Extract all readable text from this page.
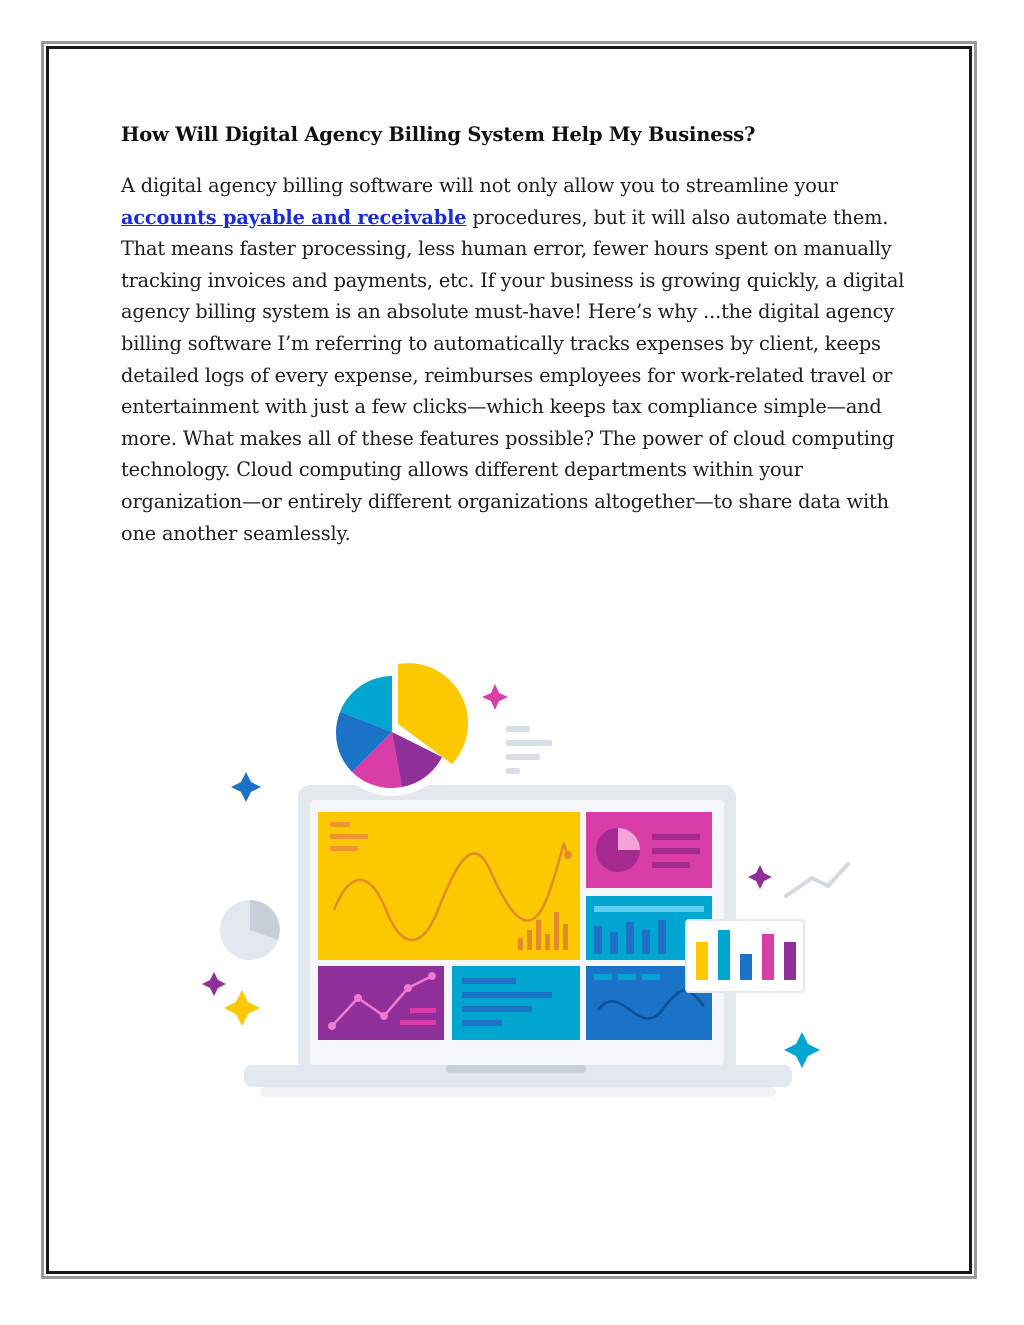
How Will Digital Agency Billing System Help My Business?

A digital agency billing software will not only allow you to streamline your accounts payable and receivable procedures, but it will also automate them. That means faster processing, less human error, fewer hours spent on manually tracking invoices and payments, etc. If your business is growing quickly, a digital agency billing system is an absolute must-have! Here’s why ...the digital agency billing software I’m referring to automatically tracks expenses by client, keeps detailed logs of every expense, reimburses employees for work-related travel or entertainment with just a few clicks—which keeps tax compliance simple—and more. What makes all of these features possible? The power of cloud computing technology. Cloud computing allows different departments within your organization—or entirely different organizations altogether—to share data with one another seamlessly.
